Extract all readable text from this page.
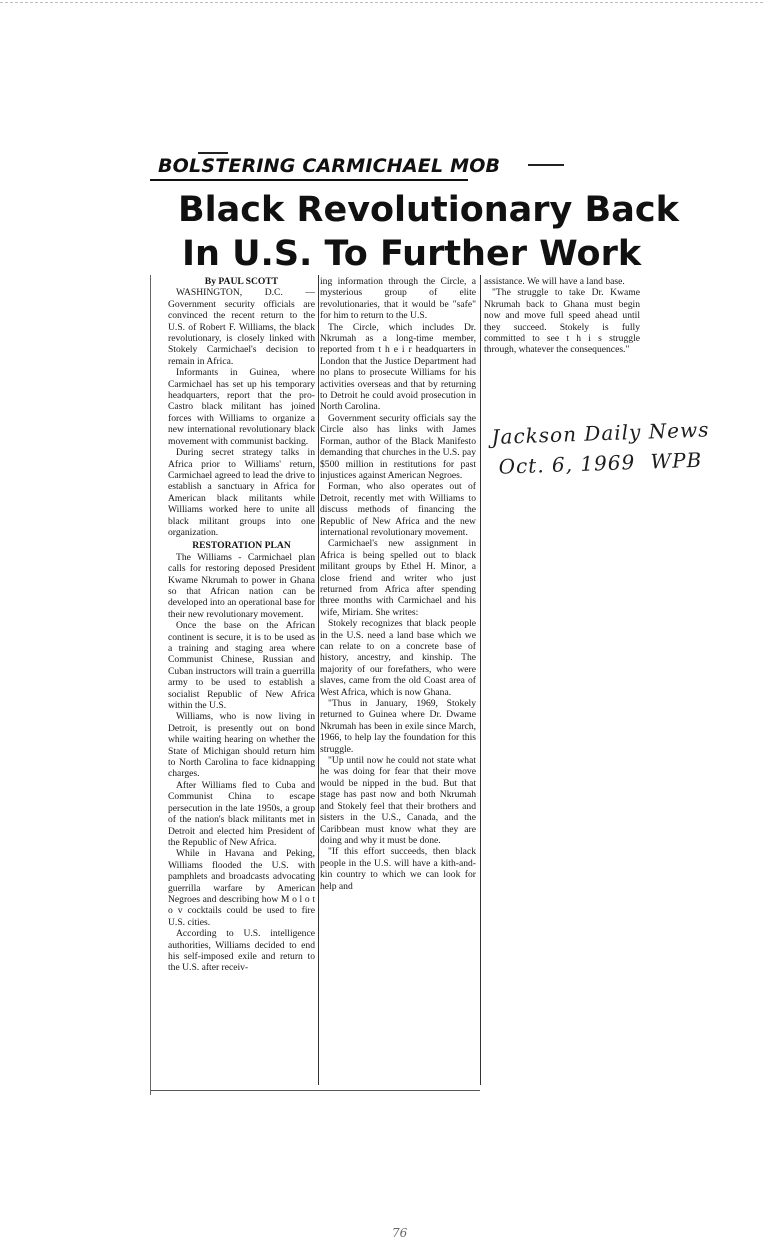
BOLSTERING CARMICHAEL MOB
Black Revolutionary Back
In U.S. To Further Work
By PAUL SCOTT

WASHINGTON, D.C. — Government security officials are convinced the recent return to the U.S. of Robert F. Williams, the black revolutionary, is closely linked with Stokely Carmichael's decision to remain in Africa.

Informants in Guinea, where Carmichael has set up his temporary headquarters, report that the pro-Castro black militant has joined forces with Williams to organize a new international revolutionary black movement with communist backing.

During secret strategy talks in Africa prior to Williams' return, Carmichael agreed to lead the drive to establish a sanctuary in Africa for American black militants while Williams worked here to unite all black militant groups into one organization.

RESTORATION PLAN

The Williams - Carmichael plan calls for restoring deposed President Kwame Nkrumah to power in Ghana so that African nation can be developed into an operational base for their new revolutionary movement.

Once the base on the African continent is secure, it is to be used as a training and staging area where Communist Chinese, Russian and Cuban instructors will train a guerrilla army to be used to establish a socialist Republic of New Africa within the U.S.

Williams, who is now living in Detroit, is presently out on bond while waiting hearing on whether the State of Michigan should return him to North Carolina to face kidnapping charges.

After Williams fled to Cuba and Communist China to escape persecution in the late 1950s, a group of the nation's black militants met in Detroit and elected him President of the Republic of New Africa.

While in Havana and Peking, Williams flooded the U.S. with pamphlets and broadcasts advocating guerrilla warfare by American Negroes and describing how M o l o t o v cocktails could be used to fire U.S. cities.

According to U.S. intelligence authorities, Williams decided to end his self-imposed exile and return to the U.S. after receiv-

ing information through the Circle, a mysterious group of elite revolutionaries, that it would be "safe" for him to return to the U.S.

The Circle, which includes Dr. Nkrumah as a long-time member, reported from t h e i r headquarters in London that the Justice Department had no plans to prosecute Williams for his activities overseas and that by returning to Detroit he could avoid prosecution in North Carolina.

Government security officials say the Circle also has links with James Forman, author of the Black Manifesto demanding that churches in the U.S. pay $500 million in restitutions for past injustices against American Negroes.

Forman, who also operates out of Detroit, recently met with Williams to discuss methods of financing the Republic of New Africa and the new international revolutionary movement.

Carmichael's new assignment in Africa is being spelled out to black militant groups by Ethel H. Minor, a close friend and writer who just returned from Africa after spending three months with Carmichael and his wife, Miriam. She writes:

Stokely recognizes that black people in the U.S. need a land base which we can relate to on a concrete base of history, ancestry, and kinship. The majority of our forefathers, who were slaves, came from the old Coast area of West Africa, which is now Ghana.

"Thus in January, 1969, Stokely returned to Guinea where Dr. Dwame Nkrumah has been in exile since March, 1966, to help lay the foundation for this struggle.

"Up until now he could not state what he was doing for fear that their move would be nipped in the bud. But that stage has past now and both Nkrumah and Stokely feel that their brothers and sisters in the U.S., Canada, and the Caribbean must know what they are doing and why it must be done.

"If this effort succeeds, then black people in the U.S. will have a kith-and-kin country to which we can look for help and

assistance. We will have a land base.

"The struggle to take Dr. Kwame Nkrumah back to Ghana must begin now and move full speed ahead until they succeed. Stokely is fully committed to see t h i s struggle through, whatever the consequences."

Jackson Daily News
Oct. 6, 1969 WPB
76
